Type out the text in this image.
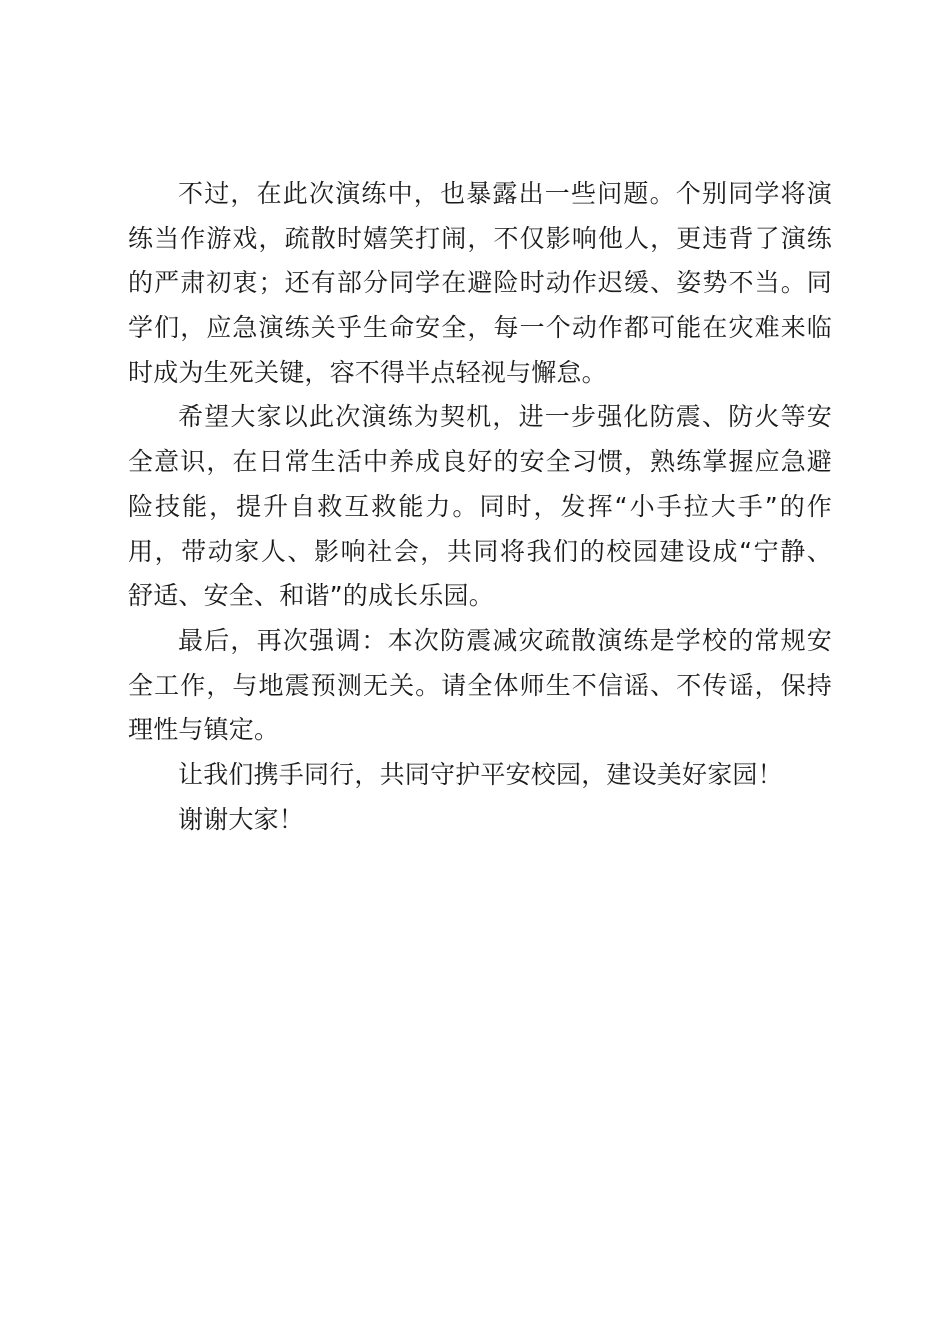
不过，在此次演练中，也暴露出一些问题。个别同学将演
练当作游戏，疏散时嬉笑打闹，不仅影响他人，更违背了演练
的严肃初衷；还有部分同学在避险时动作迟缓、姿势不当。同
学们，应急演练关乎生命安全，每一个动作都可能在灾难来临
时成为生死关键，容不得半点轻视与懈怠。
希望大家以此次演练为契机，进一步强化防震、防火等安
全意识，在日常生活中养成良好的安全习惯，熟练掌握应急避
险技能，提升自救互救能力。同时，发挥“小手拉大手”的作
用，带动家人、影响社会，共同将我们的校园建设成“宁静、
舒适、安全、和谐”的成长乐园。
最后，再次强调：本次防震减灾疏散演练是学校的常规安
全工作，与地震预测无关。请全体师生不信谣、不传谣，保持
理性与镇定。
让我们携手同行，共同守护平安校园，建设美好家园！
谢谢大家！
